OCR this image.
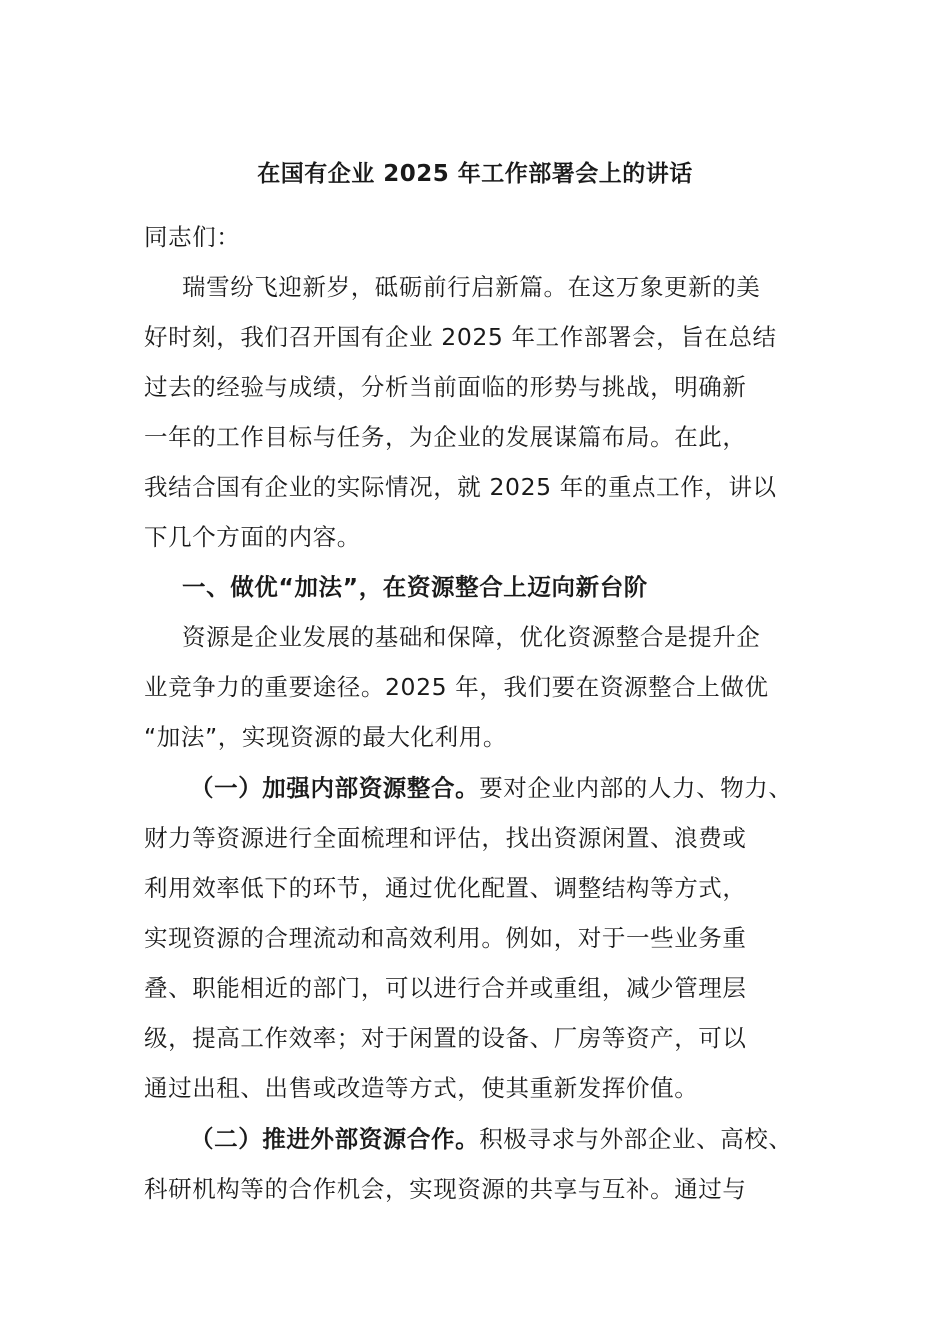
在国有企业 2025 年工作部署会上的讲话
同志们：
瑞雪纷飞迎新岁，砥砺前行启新篇。在这万象更新的美
好时刻，我们召开国有企业 2025 年工作部署会，旨在总结
过去的经验与成绩，分析当前面临的形势与挑战，明确新
一年的工作目标与任务，为企业的发展谋篇布局。在此，
我结合国有企业的实际情况，就 2025 年的重点工作，讲以
下几个方面的内容。
一、做优“加法”，在资源整合上迈向新台阶
资源是企业发展的基础和保障，优化资源整合是提升企
业竞争力的重要途径。2025 年，我们要在资源整合上做优
“加法”，实现资源的最大化利用。
（一）加强内部资源整合。要对企业内部的人力、物力、
财力等资源进行全面梳理和评估，找出资源闲置、浪费或
利用效率低下的环节，通过优化配置、调整结构等方式，
实现资源的合理流动和高效利用。例如，对于一些业务重
叠、职能相近的部门，可以进行合并或重组，减少管理层
级，提高工作效率；对于闲置的设备、厂房等资产，可以
通过出租、出售或改造等方式，使其重新发挥价值。
（二）推进外部资源合作。积极寻求与外部企业、高校、
科研机构等的合作机会，实现资源的共享与互补。通过与
